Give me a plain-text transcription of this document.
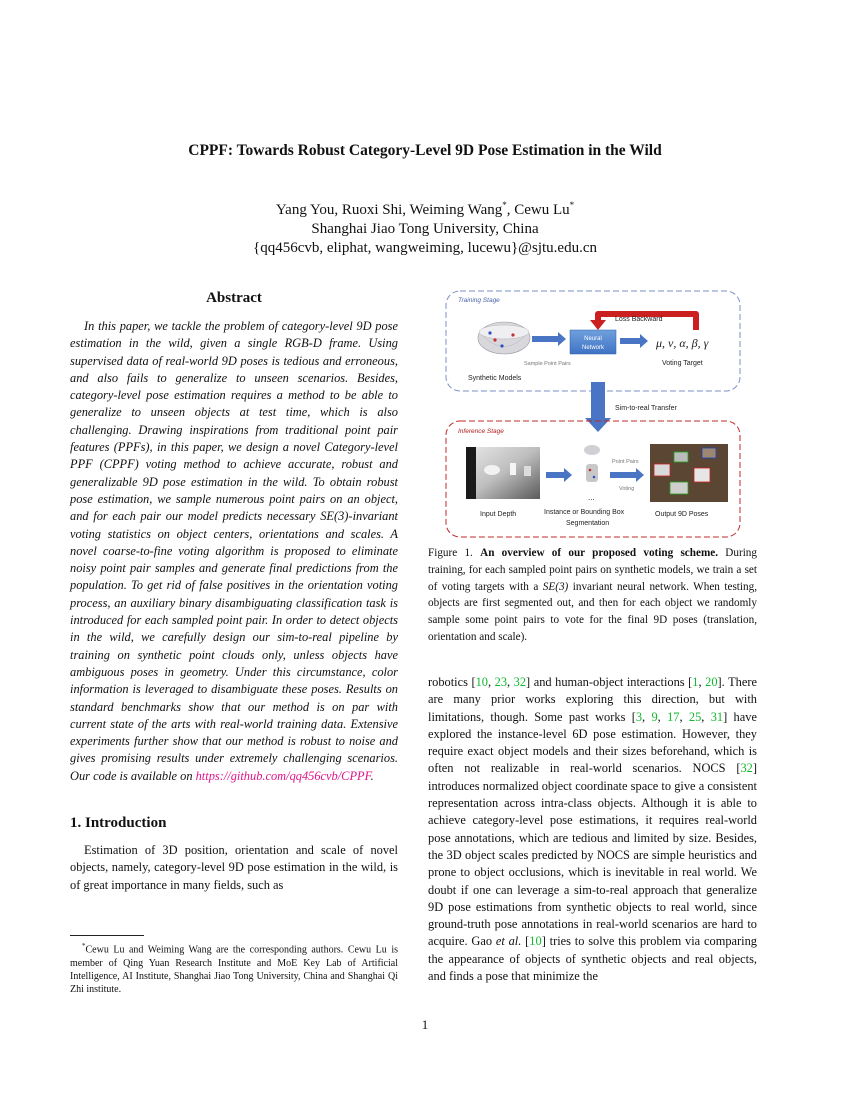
CPPF: Towards Robust Category-Level 9D Pose Estimation in the Wild
Yang You, Ruoxi Shi, Weiming Wang*, Cewu Lu*
Shanghai Jiao Tong University, China
{qq456cvb, eliphat, wangweiming, lucewu}@sjtu.edu.cn
Abstract

In this paper, we tackle the problem of category-level 9D pose estimation in the wild, given a single RGB-D frame. Using supervised data of real-world 9D poses is tedious and erroneous, and also fails to generalize to unseen scenarios. Besides, category-level pose estimation requires a method to be able to generalize to unseen objects at test time, which is also challenging. Drawing inspirations from traditional point pair features (PPFs), in this paper, we design a novel Category-level PPF (CPPF) voting method to achieve accurate, robust and generalizable 9D pose estimation in the wild. To obtain robust pose estimation, we sample numerous point pairs on an object, and for each pair our model predicts necessary SE(3)-invariant voting statistics on object centers, orientations and scales. A novel coarse-to-fine voting algorithm is proposed to eliminate noisy point pair samples and generate final predictions from the population. To get rid of false positives in the orientation voting process, an auxiliary binary disambiguating classification task is introduced for each sampled point pair. In order to detect objects in the wild, we carefully design our sim-to-real pipeline by training on synthetic point clouds only, unless objects have ambiguous poses in geometry. Under this circumstance, color information is leveraged to disambiguate these poses. Results on standard benchmarks show that our method is on par with current state of the arts with real-world training data. Extensive experiments further show that our method is robust to noise and gives promising results under extremely challenging scenarios. Our code is available on https://github.com/qq456cvb/CPPF.

1. Introduction

Estimation of 3D position, orientation and scale of novel objects, namely, category-level 9D pose estimation in the wild, is of great importance in many fields, such as

*Cewu Lu and Weiming Wang are the corresponding authors. Cewu Lu is member of Qing Yuan Research Institute and MoE Key Lab of Artificial Intelligence, AI Institute, Shanghai Jiao Tong University, China and Shanghai Qi Zhi institute.
Training Stage
Synthetic Models
Sample Point Pairs
Neural
Network	μ, ν, α, β, γ
Voting Target
Loss Backward
Sim-to-real Transfer
Inference Stage
Input Depth
...
Instance or Bounding Box
Segmentation
Point Pairs
Voting
Output 9D Poses
Figure 1. An overview of our proposed voting scheme. During training, for each sampled point pairs on synthetic models, we train a set of voting targets with a SE(3) invariant neural network. When testing, objects are first segmented out, and then for each object we randomly sample some point pairs to vote for the final 9D poses (translation, orientation and scale).

robotics [10, 23, 32] and human-object interactions [1, 20]. There are many prior works exploring this direction, but with limitations, though. Some past works [3, 9, 17, 25, 31] have explored the instance-level 6D pose estimation. However, they require exact object models and their sizes beforehand, which is often not realizable in real-world scenarios. NOCS [32] introduces normalized object coordinate space to give a consistent representation across intra-class objects. Although it is able to achieve category-level pose estimations, it requires real-world pose annotations, which are tedious and limited by size. Besides, the 3D object scales predicted by NOCS are simple heuristics and prone to object occlusions, which is inevitable in real world. We doubt if one can leverage a sim-to-real approach that generalize 9D pose estimations from synthetic objects to real world, since ground-truth pose annotations in real-world scenarios are hard to acquire. Gao et al. [10] tries to solve this problem via comparing the appearance of objects of synthetic objects and real objects, and finds a pose that minimize the

1
